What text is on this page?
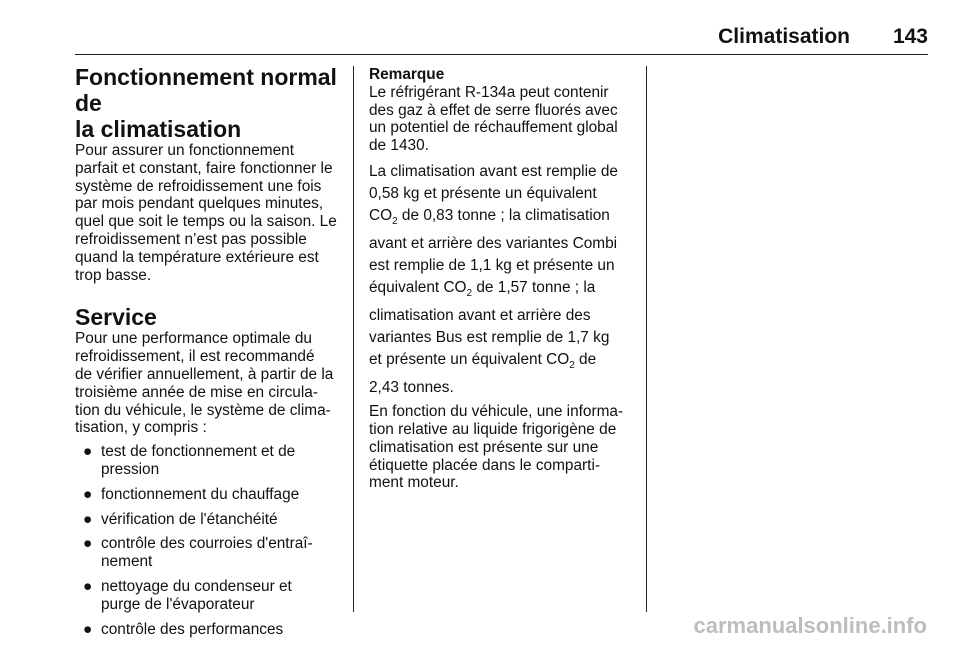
Climatisation 143
Fonctionnement normal de
la climatisation

Pour assurer un fonctionnement
parfait et constant, faire fonctionner le
système de refroidissement une fois
par mois pendant quelques minutes,
quel que soit le temps ou la saison. Le
refroidissement n’est pas possible
quand la température extérieure est
trop basse.

Service

Pour une performance optimale du
refroidissement, il est recommandé
de vérifier annuellement, à partir de la
troisième année de mise en circula-
tion du véhicule, le système de clima-
tisation, y compris :

● test de fonctionnement et de
pression
● fonctionnement du chauffage
● vérification de l'étanchéité
● contrôle des courroies d'entraî-
nement
● nettoyage du condenseur et
purge de l'évaporateur
● contrôle des performances
Remarque

Le réfrigérant R-134a peut contenir
des gaz à effet de serre fluorés avec
un potentiel de réchauffement global
de 1430.

La climatisation avant est remplie de
0,58 kg et présente un équivalent
$CO_2$ de 0,83 tonne ; la climatisation
avant et arrière des variantes Combi
est remplie de 1,1 kg et présente un
équivalent $CO_2$ de 1,57 tonne ; la
climatisation avant et arrière des
variantes Bus est remplie de 1,7 kg
et présente un équivalent $CO_2$ de
2,43 tonnes.

En fonction du véhicule, une informa-
tion relative au liquide frigorigène de
climatisation est présente sur une
étiquette placée dans le comparti-
ment moteur.

carmanualsonline.info
